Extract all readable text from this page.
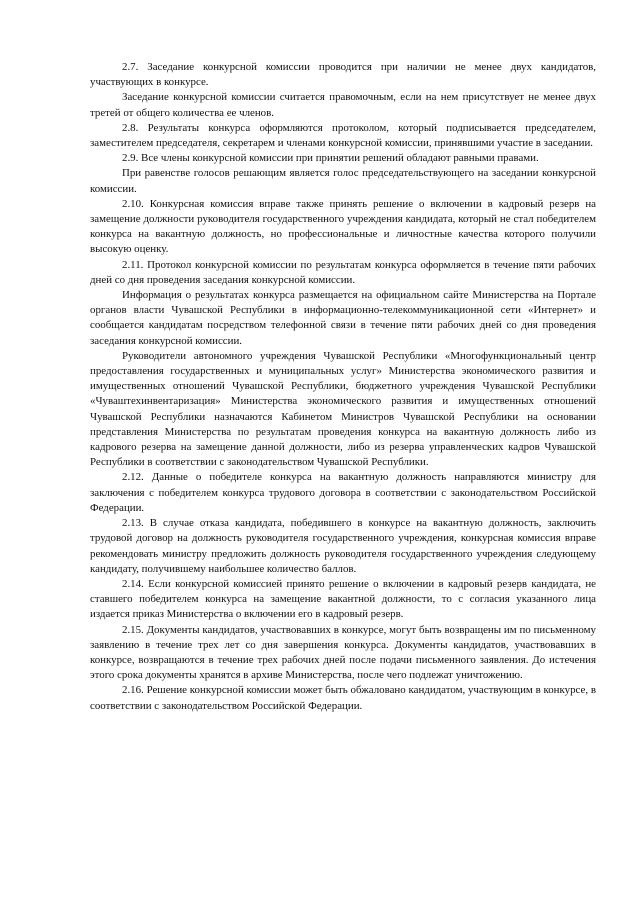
2.7. Заседание конкурсной комиссии проводится при наличии не менее двух кандидатов, участвующих в конкурсе.

Заседание конкурсной комиссии считается правомочным, если на нем присутствует не менее двух третей от общего количества ее членов.

2.8. Результаты конкурса оформляются протоколом, который подписывается председателем, заместителем председателя, секретарем и членами конкурсной комиссии, принявшими участие в заседании.

2.9. Все члены конкурсной комиссии при принятии решений обладают равными правами.

При равенстве голосов решающим является голос председательствующего на заседании конкурсной комиссии.

2.10. Конкурсная комиссия вправе также принять решение о включении в кадровый резерв на замещение должности руководителя государственного учреждения кандидата, который не стал победителем конкурса на вакантную должность, но профессиональные и личностные качества которого получили высокую оценку.

2.11. Протокол конкурсной комиссии по результатам конкурса оформляется в течение пяти рабочих дней со дня проведения заседания конкурсной комиссии.

Информация о результатах конкурса размещается на официальном сайте Министерства на Портале органов власти Чувашской Республики в информационно-телекоммуникационной сети «Интернет» и сообщается кандидатам посредством телефонной связи в течение пяти рабочих дней со дня проведения заседания конкурсной комиссии.

Руководители автономного учреждения Чувашской Республики «Многофункциональный центр предоставления государственных и муниципальных услуг» Министерства экономического развития и имущественных отношений Чувашской Республики, бюджетного учреждения Чувашской Республики «Чуваштехинвентаризация» Министерства экономического развития и имущественных отношений Чувашской Республики назначаются Кабинетом Министров Чувашской Республики на основании представления Министерства по результатам проведения конкурса на вакантную должность либо из кадрового резерва на замещение данной должности, либо из резерва управленческих кадров Чувашской Республики в соответствии с законодательством Чувашской Республики.

2.12. Данные о победителе конкурса на вакантную должность направляются министру для заключения с победителем конкурса трудового договора в соответствии с законодательством Российской Федерации.

2.13. В случае отказа кандидата, победившего в конкурсе на вакантную должность, заключить трудовой договор на должность руководителя государственного учреждения, конкурсная комиссия вправе рекомендовать министру предложить должность руководителя государственного учреждения следующему кандидату, получившему наибольшее количество баллов.

2.14. Если конкурсной комиссией принято решение о включении в кадровый резерв кандидата, не ставшего победителем конкурса на замещение вакантной должности, то с согласия указанного лица издается приказ Министерства о включении его в кадровый резерв.

2.15. Документы кандидатов, участвовавших в конкурсе, могут быть возвращены им по письменному заявлению в течение трех лет со дня завершения конкурса. Документы кандидатов, участвовавших в конкурсе, возвращаются в течение трех рабочих дней после подачи письменного заявления. До истечения этого срока документы хранятся в архиве Министерства, после чего подлежат уничтожению.

2.16. Решение конкурсной комиссии может быть обжаловано кандидатом, участвующим в конкурсе, в соответствии с законодательством Российской Федерации.
